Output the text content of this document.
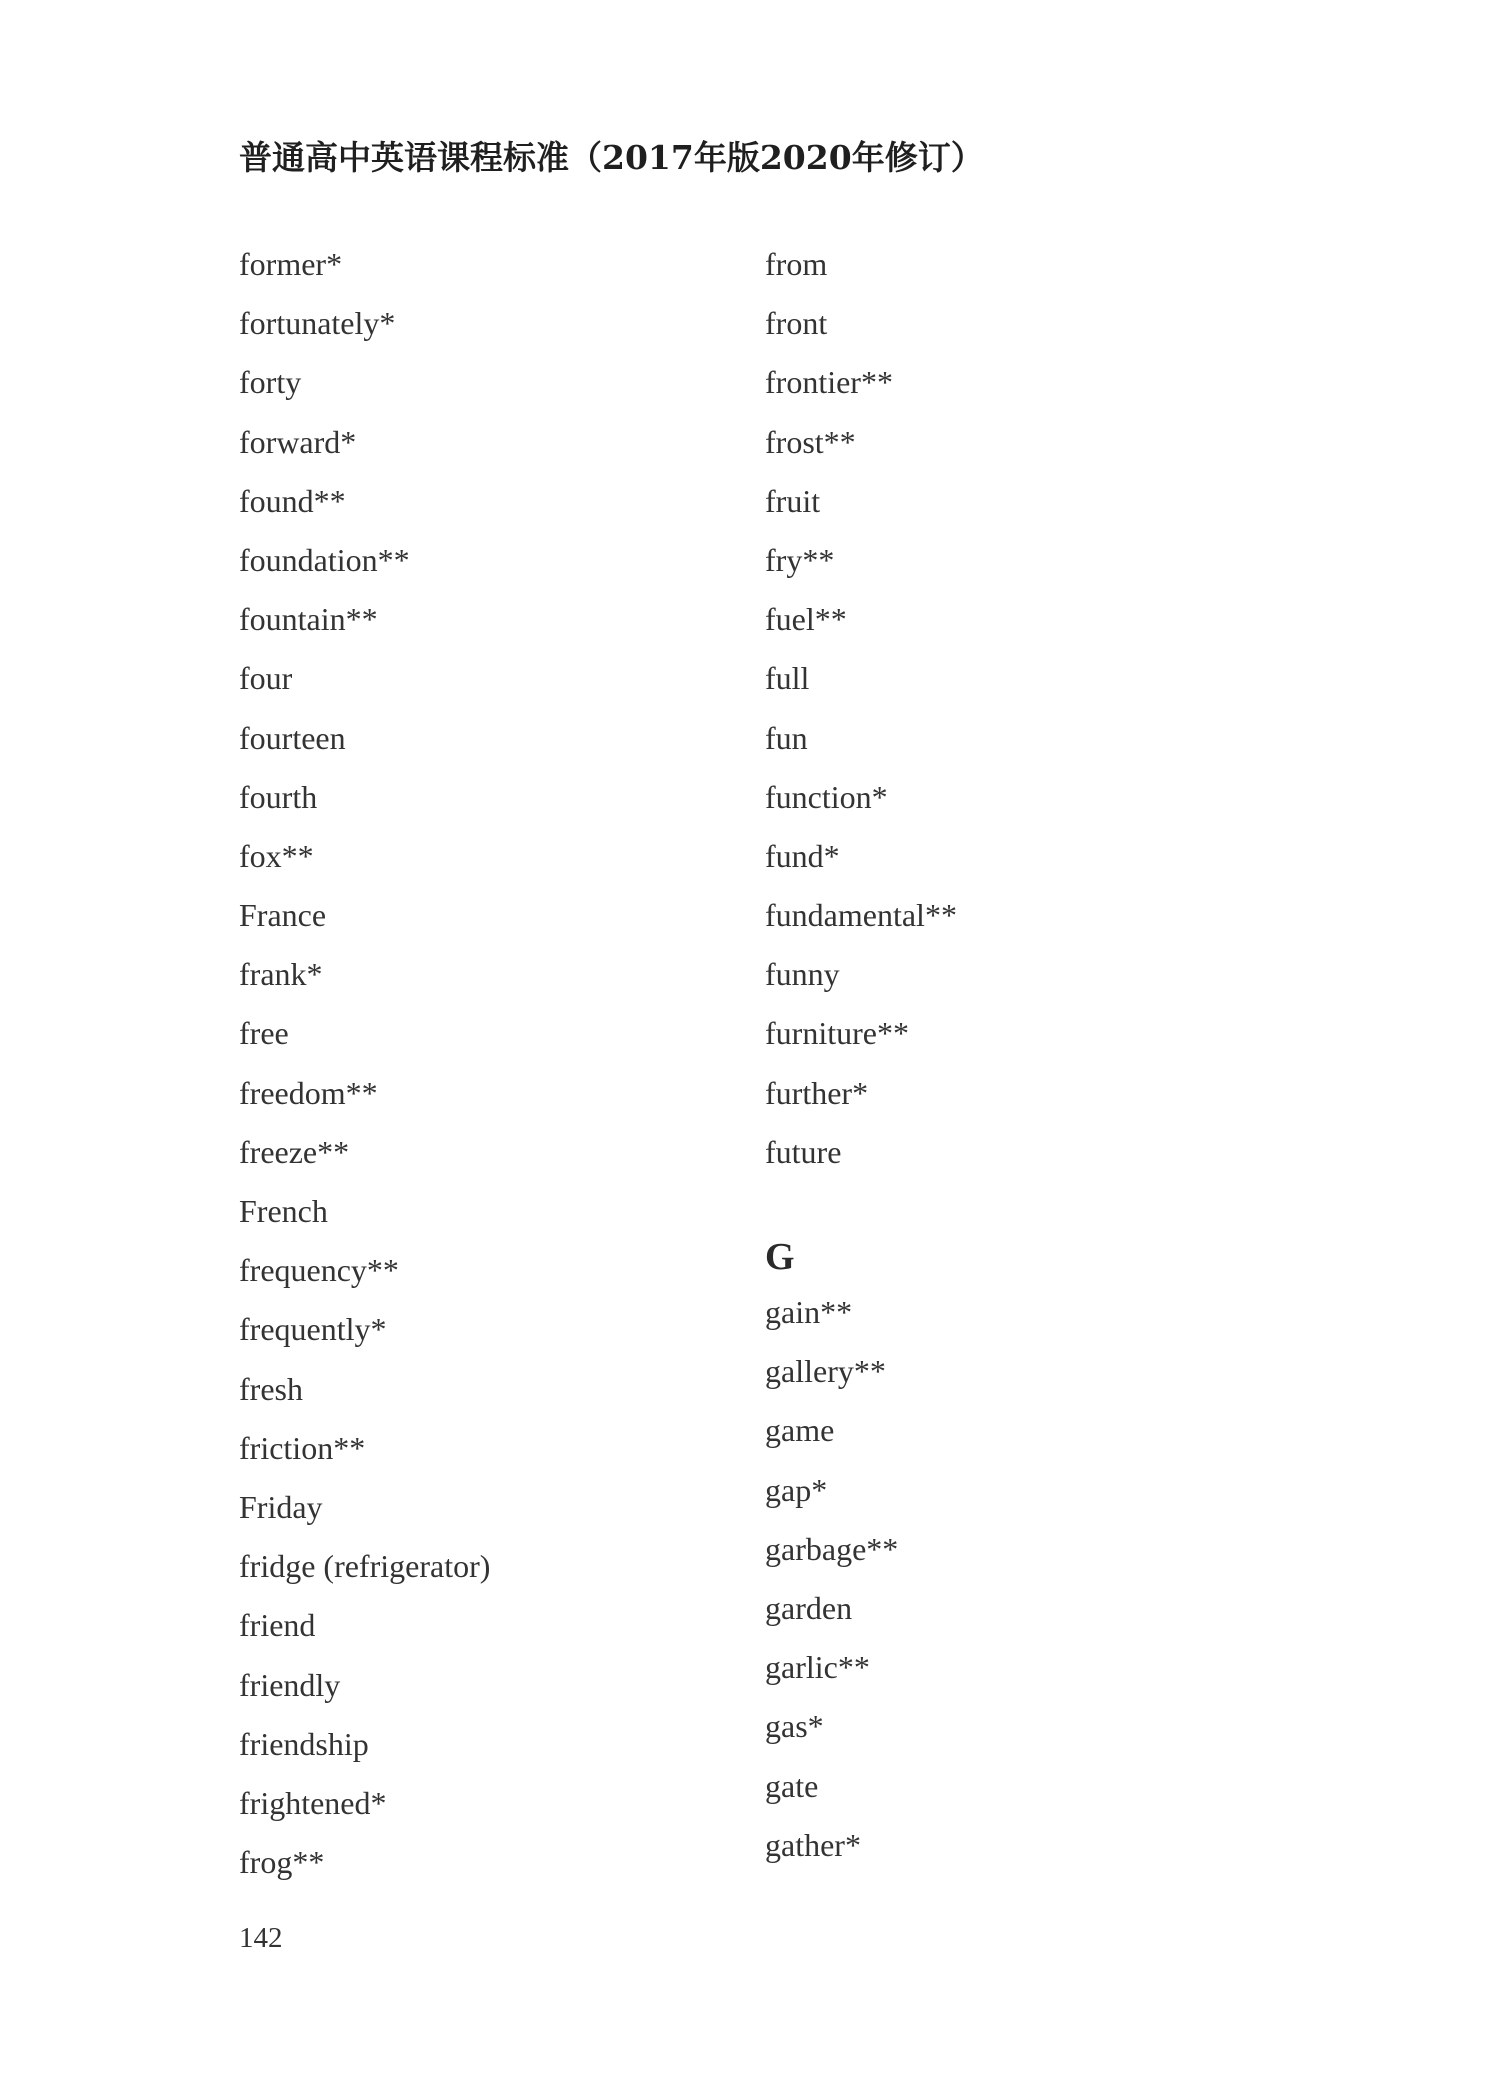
普通高中英语课程标准（2017年版2020年修订）
former*
fortunately*
forty
forward*
found**
foundation**
fountain**
four
fourteen
fourth
fox**
France
frank*
free
freedom**
freeze**
French
frequency**
frequently*
fresh
friction**
Friday
fridge (refrigerator)
friend
friendly
friendship
frightened*
frog**
from
front
frontier**
frost**
fruit
fry**
fuel**
full
fun
function*
fund*
fundamental**
funny
furniture**
further*
future
G
gain**
gallery**
game
gap*
garbage**
garden
garlic**
gas*
gate
gather*
142
